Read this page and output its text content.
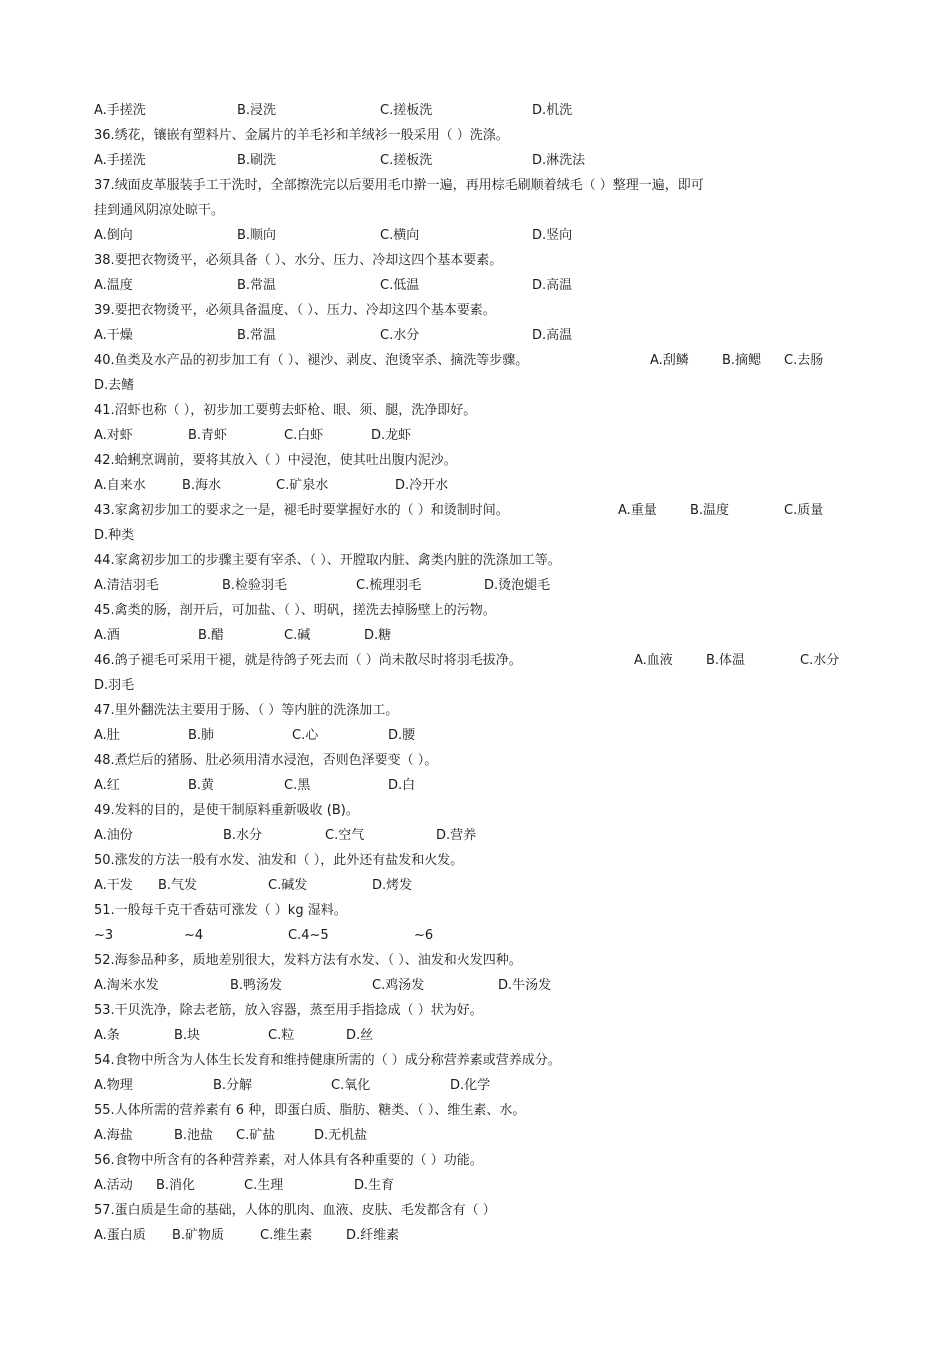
A.手搓洗	B.浸洗	C.搓板洗	D.机洗
36.绣花，镶嵌有塑料片、金属片的羊毛衫和羊绒衫一般采用（ ）洗涤。
A.手搓洗	B.刷洗	C.搓板洗	D.淋洗法
37.绒面皮革服装手工干洗时，全部擦洗完以后要用毛巾擀一遍，再用棕毛刷顺着绒毛（ ）整理一遍，即可
挂到通风阴凉处晾干。
A.倒向	B.顺向	C.横向	D.竖向
38.要把衣物烫平，必须具备（ ）、水分、压力、冷却这四个基本要素。
A.温度	B.常温	C.低温	D.高温
39.要把衣物烫平，必须具备温度、（ ）、压力、冷却这四个基本要素。
A.干燥	B.常温	C.水分	D.高温
40.鱼类及水产品的初步加工有（ ）、褪沙、剥皮、泡烫宰杀、摘洗等步骤。	A.刮鳞	B.摘鳃 C.去肠
D.去鳍
41.沼虾也称（ ），初步加工要剪去虾枪、眼、须、腿，洗净即好。
A.对虾	B.青虾	C.白虾	D.龙虾
42.蛤蜊烹调前，要将其放入（ ）中浸泡，使其吐出腹内泥沙。
A.自来水	B.海水	C.矿泉水	D.冷开水
43.家禽初步加工的要求之一是，褪毛时要掌握好水的（ ）和烫制时间。	A.重量	B.温度	C.质量
D.种类
44.家禽初步加工的步骤主要有宰杀、（ ）、开膛取内脏、禽类内脏的洗涤加工等。
A.清洁羽毛	B.检验羽毛	C.梳理羽毛	D.烫泡煺毛
45.禽类的肠，剖开后，可加盐、（ ）、明矾，搓洗去掉肠壁上的污物。
A.酒	B.醋	C.碱	D.糖
46.鸽子褪毛可采用干褪，就是待鸽子死去而（ ）尚未散尽时将羽毛拔净。	A.血液	B.体温	C.水分
D.羽毛
47.里外翻洗法主要用于肠、（ ）等内脏的洗涤加工。
A.肚	B.肺	C.心	D.腰
48.煮烂后的猪肠、肚必须用清水浸泡，否则色泽要变（ ）。
A.红	B.黄	C.黑	D.白
49.发料的目的，是使干制原料重新吸收 (B)。
A.油份	B.水分	C.空气	D.营养
50.涨发的方法一般有水发、油发和（ ），此外还有盐发和火发。
A.干发 B.气发	C.碱发	D.烤发
51.一般每千克干香菇可涨发（ ）kg 湿料。
~3	~4	C.4~5	~6
52.海参品种多，质地差别很大，发料方法有水发、（ ）、油发和火发四种。
A.淘米水发	B.鸭汤发	C.鸡汤发	D.牛汤发
53.干贝洗净，除去老筋，放入容器，蒸至用手指捻成（ ）状为好。
A.条	B.块	C.粒	D.丝
54.食物中所含为人体生长发育和维持健康所需的（ ）成分称营养素或营养成分。
A.物理	B.分解	C.氧化	D.化学
55.人体所需的营养素有 6 种，即蛋白质、脂肪、糖类、（ ）、维生素、水。
A.海盐	B.池盐 C.矿盐	D.无机盐
56.食物中所含有的各种营养素，对人体具有各种重要的（ ）功能。
A.活动 B.消化	C.生理	D.生育
57.蛋白质是生命的基础，人体的肌肉、血液、皮肤、毛发都含有（ ）
A.蛋白质 B.矿物质	C.维生素	D.纤维素
